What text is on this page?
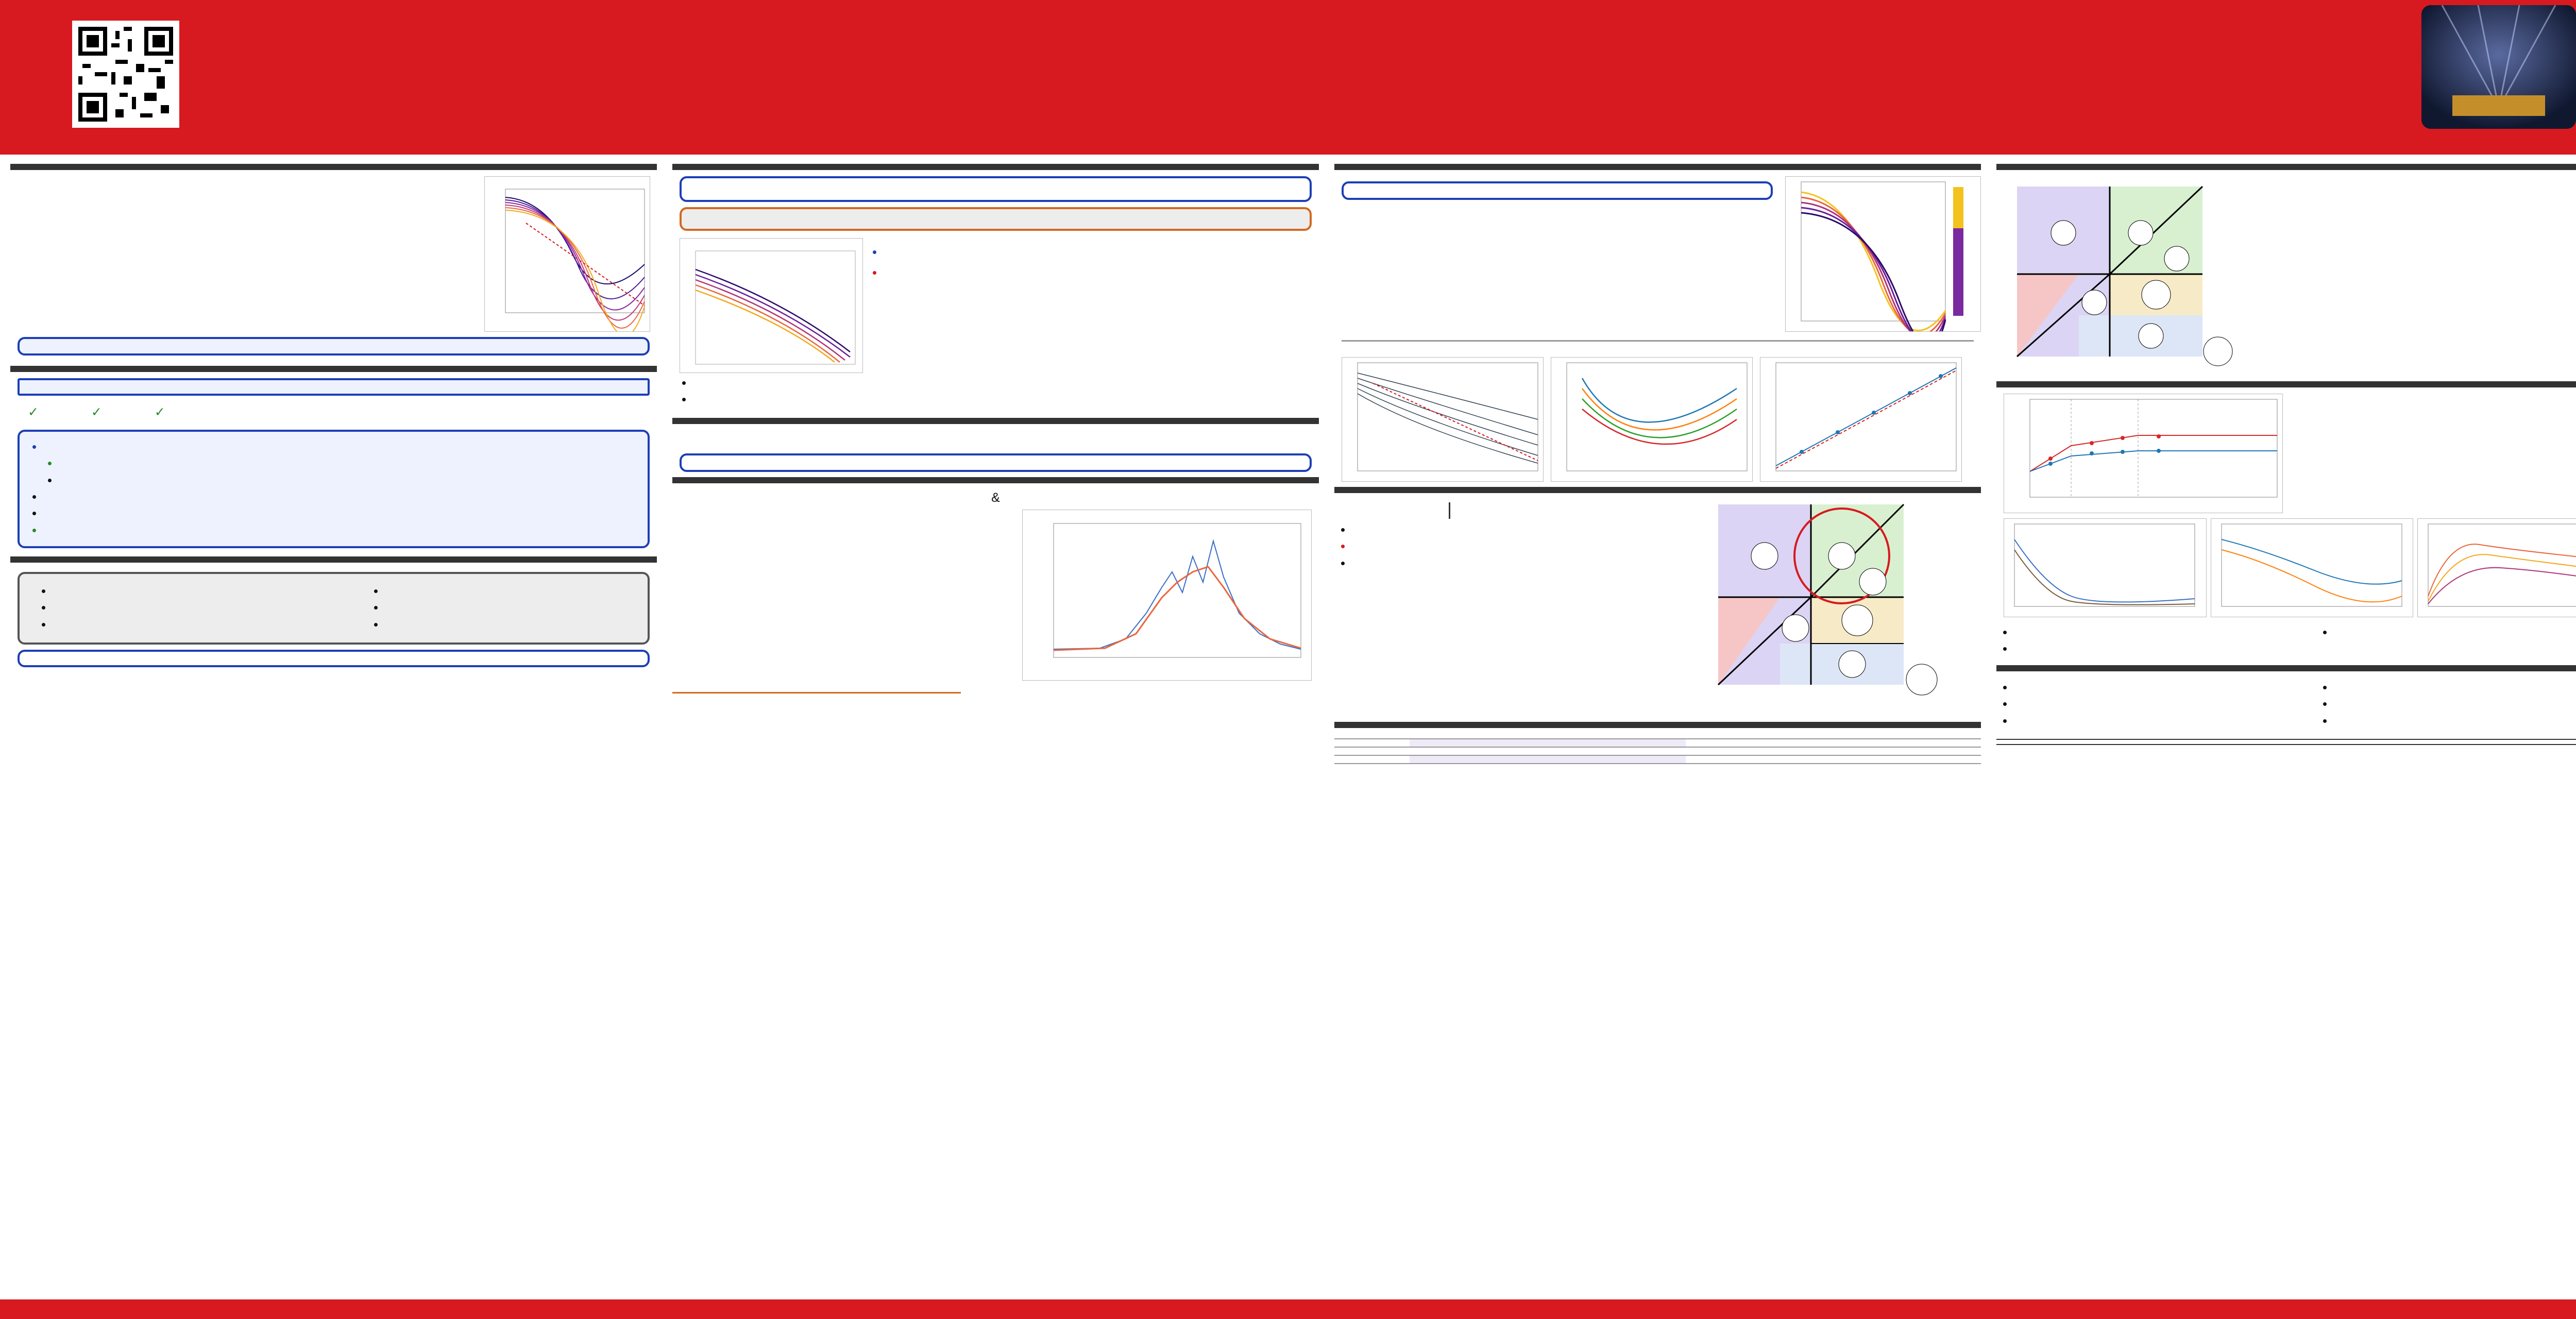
✓	✓	✓
•
•
•
•
•
•
•
•
•
•
•
•
•
•
•
•

&

•
•
•

•
•
•
•
•
•
•
•
•
